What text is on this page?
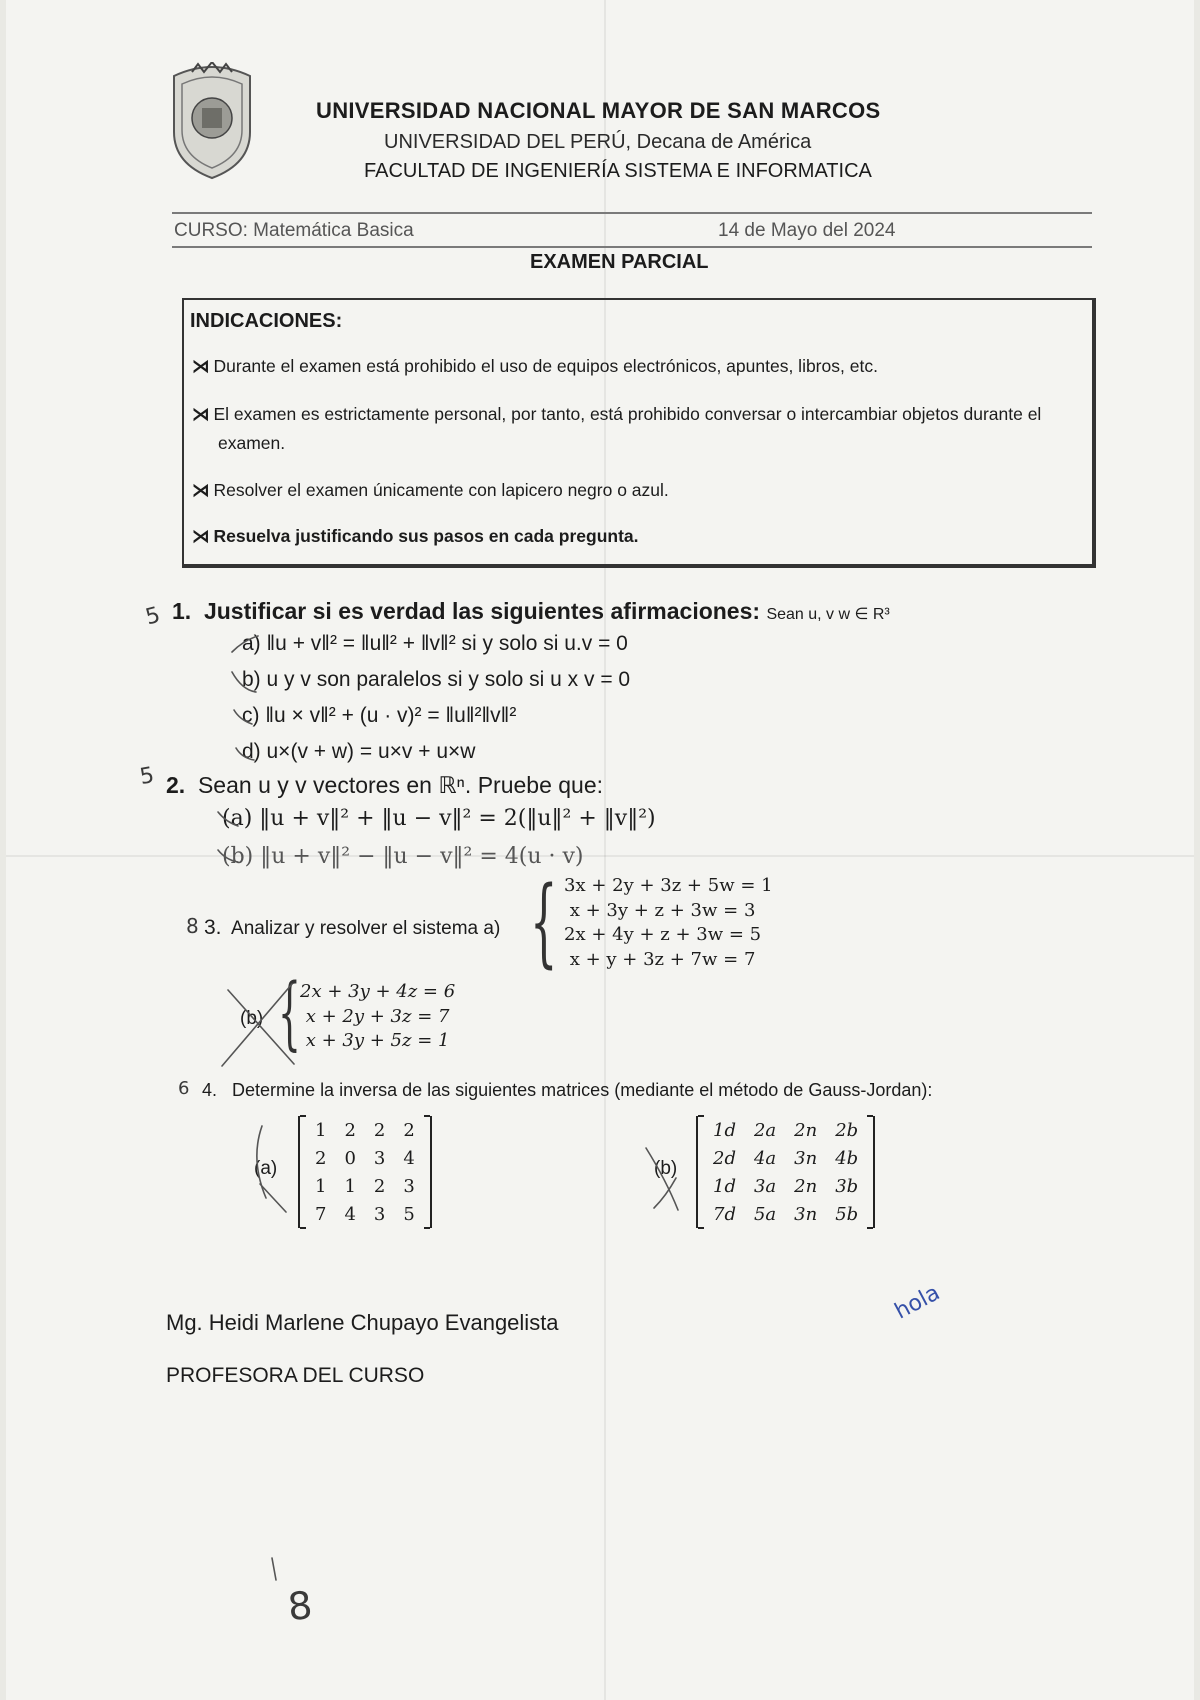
UNIVERSIDAD NACIONAL MAYOR DE SAN MARCOS
UNIVERSIDAD DEL PERÚ, Decana de América
FACULTAD DE INGENIERÍA SISTEMA E INFORMATICA
CURSO: Matemática Basica	14 de Mayo del 2024
EXAMEN PARCIAL
INDICACIONES:
⋊ Durante el examen está prohibido el uso de equipos electrónicos, apuntes, libros, etc.
⋊ El examen es estrictamente personal, por tanto, está prohibido conversar o intercambiar objetos durante el examen.
⋊ Resolver el examen únicamente con lapicero negro o azul.
⋊ Resuelva justificando sus pasos en cada pregunta.
1. Justificar si es verdad las siguientes afirmaciones: Sean u, v w ∈ R³
a) ‖u + v‖² = ‖u‖² + ‖v‖² si y solo si u.v = 0
b) u y v son paralelos si y solo si u x v = 0
c) ‖u × v‖² + (u · v)² = ‖u‖²‖v‖²
d) u×(v + w) = u×v + u×w
2. Sean u y v vectores en ℝⁿ. Pruebe que:
(a) ‖u + v‖² + ‖u − v‖² = 2(‖u‖² + ‖v‖²)
(b) ‖u + v‖² − ‖u − v‖² = 4(u · v)
3. Analizar y resolver el sistema a) { 3x + 2y + 3z + 5w = 1
x + 3y + z + 3w = 3
2x + 4y + z + 3w = 5
x + y + 3z + 7w = 7
(b) { 2x + 3y + 4z = 6
x + 2y + 3z = 7
x + 3y + 5z = 1
4. Determine la inversa de las siguientes matrices (mediante el método de Gauss-Jordan):
(a)
1	2	2	2
2	0	3	4
1	1	2	3
7	4	3	5
(b)
1d	2a	2n	2b
2d	4a	3n	4b
1d	3a	2n	3b
7d	5a	3n	5b
Mg. Heidi Marlene Chupayo Evangelista
PROFESORA DEL CURSO
5
5
8
6
hola
8
